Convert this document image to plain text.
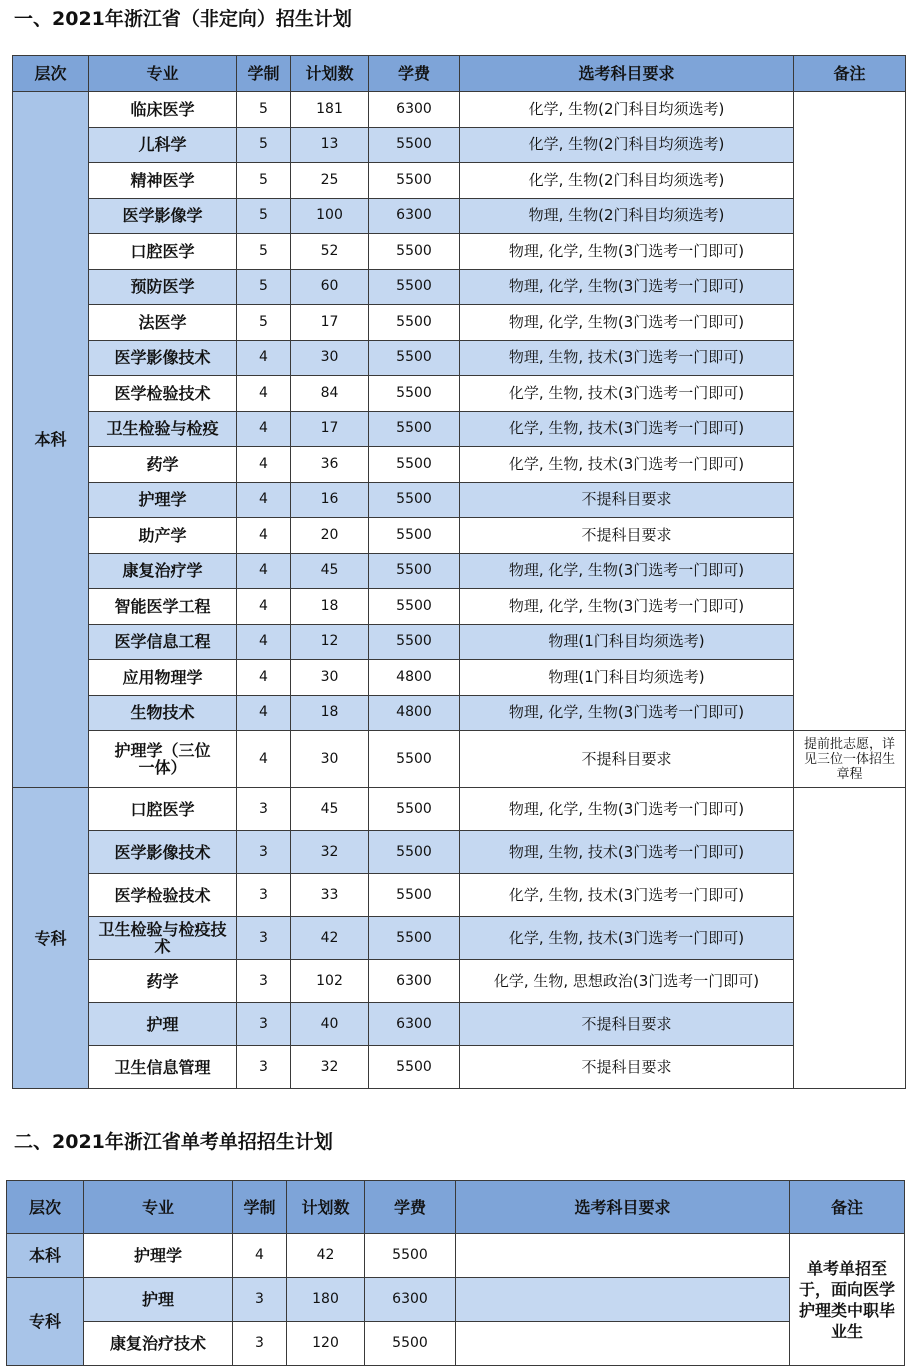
一、2021年浙江省（非定向）招生计划
层次	专业	学制	计划数	学费	选考科目要求	备注
本科	临床医学	5	181	6300	化学, 生物(2门科目均须选考)	
	儿科学	5	13	5500	化学, 生物(2门科目均须选考)	
	精神医学	5	25	5500	化学, 生物(2门科目均须选考)	
	医学影像学	5	100	6300	物理, 生物(2门科目均须选考)	
	口腔医学	5	52	5500	物理, 化学, 生物(3门选考一门即可)	
	预防医学	5	60	5500	物理, 化学, 生物(3门选考一门即可)	
	法医学	5	17	5500	物理, 化学, 生物(3门选考一门即可)	
	医学影像技术	4	30	5500	物理, 生物, 技术(3门选考一门即可)	
	医学检验技术	4	84	5500	化学, 生物, 技术(3门选考一门即可)	
	卫生检验与检疫	4	17	5500	化学, 生物, 技术(3门选考一门即可)	
	药学	4	36	5500	化学, 生物, 技术(3门选考一门即可)	
	护理学	4	16	5500	不提科目要求	
	助产学	4	20	5500	不提科目要求	
	康复治疗学	4	45	5500	物理, 化学, 生物(3门选考一门即可)	
	智能医学工程	4	18	5500	物理, 化学, 生物(3门选考一门即可)	
	医学信息工程	4	12	5500	物理(1门科目均须选考)	
	应用物理学	4	30	4800	物理(1门科目均须选考)	
	生物技术	4	18	4800	物理, 化学, 生物(3门选考一门即可)	
	护理学（三位一体）	4	30	5500	不提科目要求	提前批志愿，详见三位一体招生章程
专科	口腔医学	3	45	5500	物理, 化学, 生物(3门选考一门即可)	
	医学影像技术	3	32	5500	物理, 生物, 技术(3门选考一门即可)	
	医学检验技术	3	33	5500	化学, 生物, 技术(3门选考一门即可)	
	卫生检验与检疫技术	3	42	5500	化学, 生物, 技术(3门选考一门即可)	
	药学	3	102	6300	化学, 生物, 思想政治(3门选考一门即可)	
	护理	3	40	6300	不提科目要求	
	卫生信息管理	3	32	5500	不提科目要求	
二、2021年浙江省单考单招招生计划
层次	专业	学制	计划数	学费	选考科目要求	备注
本科	护理学	4	42	5500		单考单招至于，面向医学护理类中职毕业生
专科	护理	3	180	6300		
	康复治疗技术	3	120	5500		
